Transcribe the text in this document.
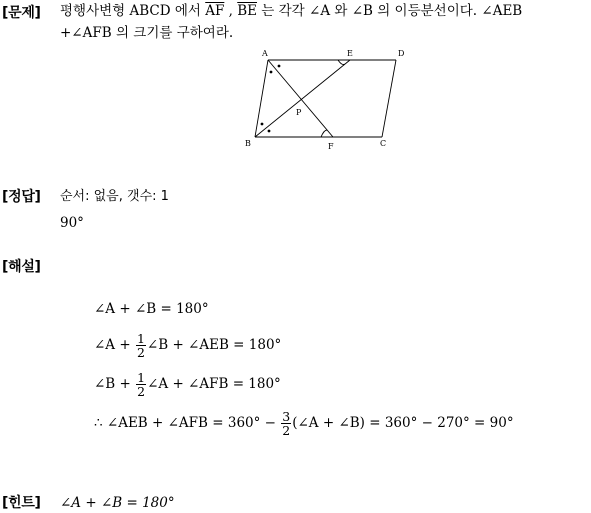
[문제] 평행사변형 ABCD 에서 $\overline{AF}$ , $\overline{BE}$ 는 각각 ∠A 와 ∠B 의 이등분선이다. ∠AEB
+∠AFB 의 크기를 구하여라.
A	E	D
P
B	F	C
[정답] 순서: 없음, 갯수: 1
90°
[해설]
∠A + ∠B = 180°
∠A + $\frac{1}{2}$ ∠B + ∠AEB = 180°
∠B + $\frac{1}{2}$ ∠A + ∠AFB = 180°
∴ ∠AEB + ∠AFB = $360^\circ - \frac{3}{2}$ (∠A + ∠B) = 360° − 270° = 90°
[힌트] ∠A + ∠B = 180°
